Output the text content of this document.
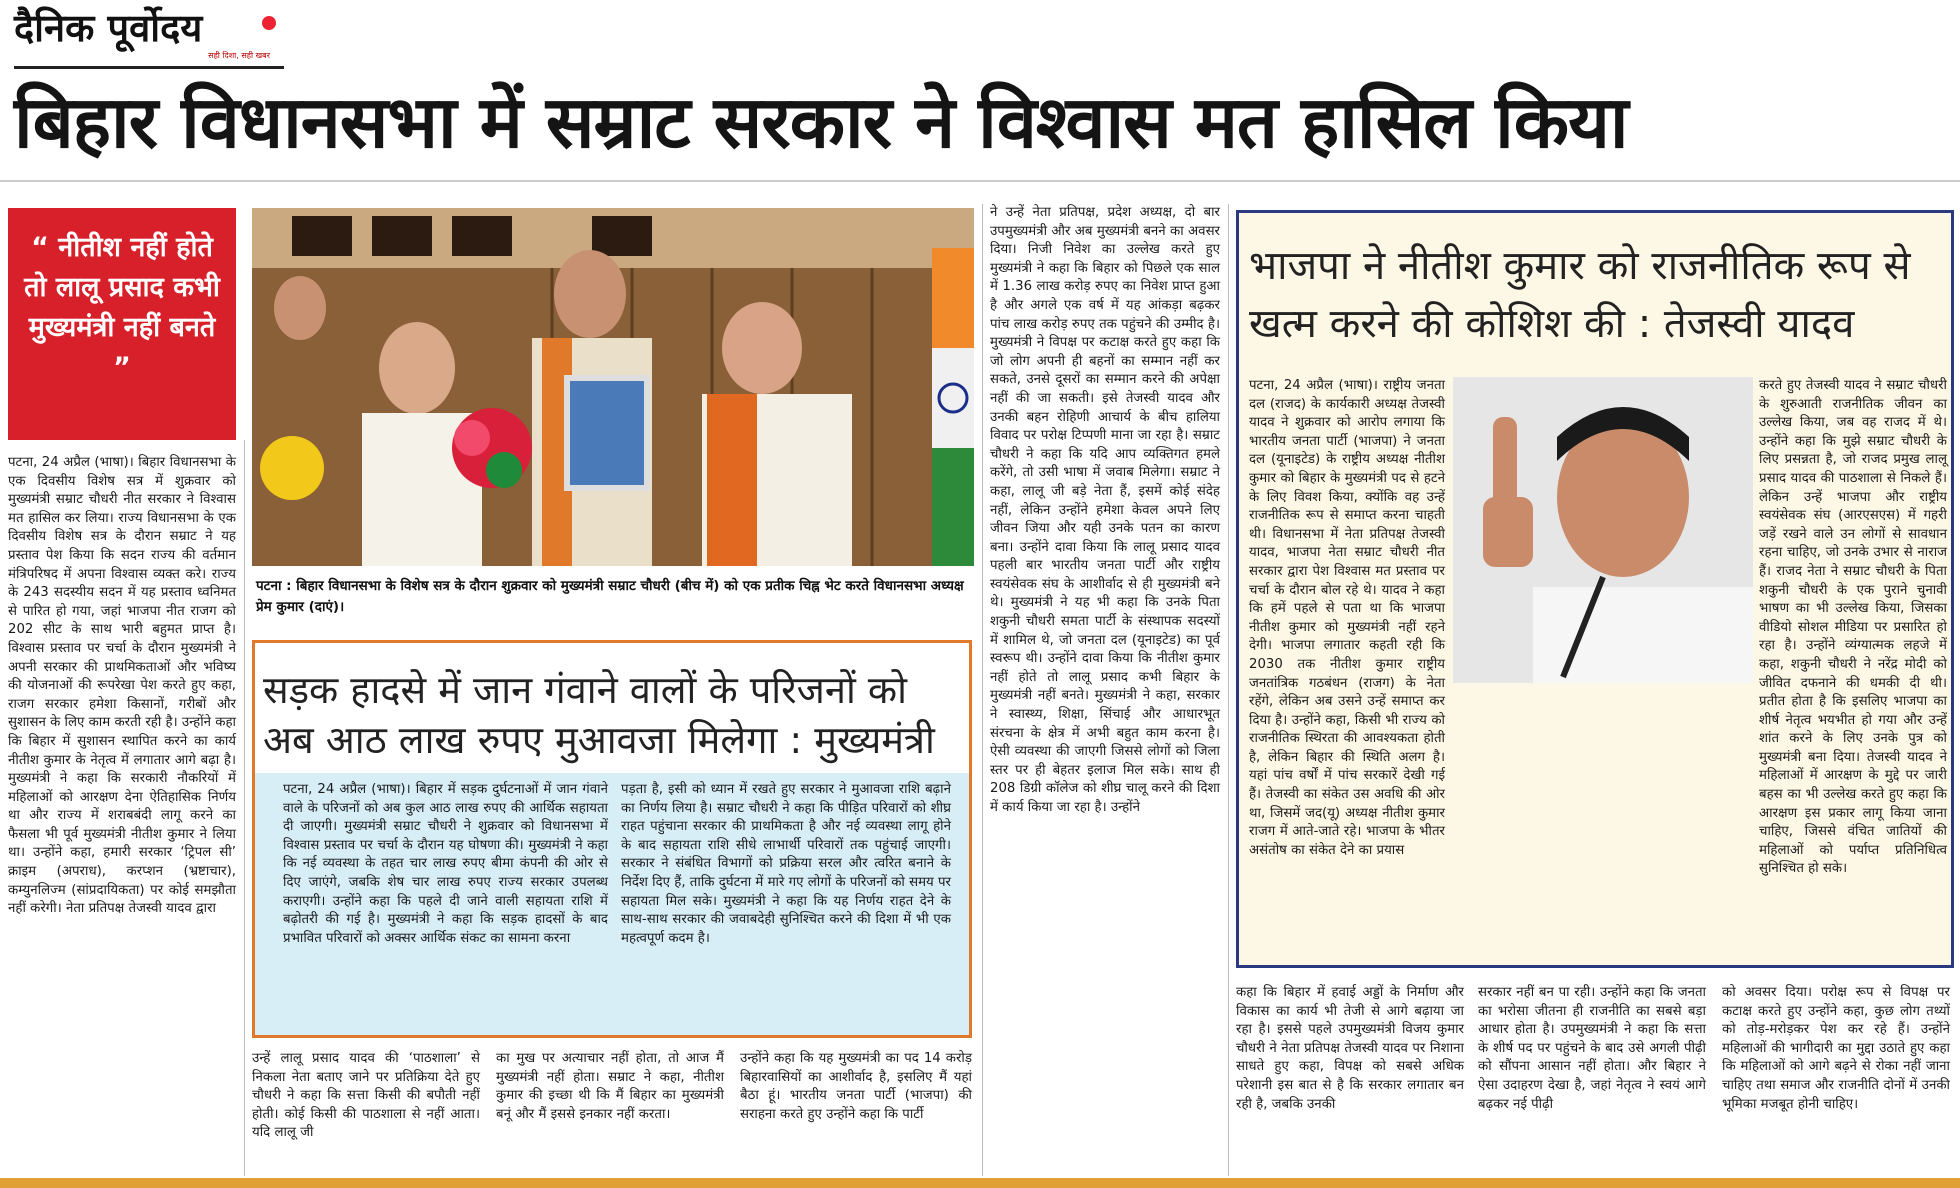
दैनिक पूर्वोदय
सही दिशा, सही खबर
बिहार विधानसभा में सम्राट सरकार ने विश्वास मत हासिल किया
“ नीतीश नहीं होते तो लालू प्रसाद कभी मुख्यमंत्री नहीं बनते ”
पटना, 24 अप्रैल (भाषा)। बिहार विधानसभा के एक दिवसीय विशेष सत्र में शुक्रवार को मुख्यमंत्री सम्राट चौधरी नीत सरकार ने विश्वास मत हासिल कर लिया। राज्य विधानसभा के एक दिवसीय विशेष सत्र के दौरान सम्राट ने यह प्रस्ताव पेश किया कि सदन राज्य की वर्तमान मंत्रिपरिषद में अपना विश्वास व्यक्त करे। राज्य के 243 सदस्यीय सदन में यह प्रस्ताव ध्वनिमत से पारित हो गया, जहां भाजपा नीत राजग को 202 सीट के साथ भारी बहुमत प्राप्त है। विश्वास प्रस्ताव पर चर्चा के दौरान मुख्यमंत्री ने अपनी सरकार की प्राथमिकताओं और भविष्य की योजनाओं की रूपरेखा पेश करते हुए कहा, राजग सरकार हमेशा किसानों, गरीबों और सुशासन के लिए काम करती रही है। उन्होंने कहा कि बिहार में सुशासन स्थापित करने का कार्य नीतीश कुमार के नेतृत्व में लगातार आगे बढ़ा है। मुख्यमंत्री ने कहा कि सरकारी नौकरियों में महिलाओं को आरक्षण देना ऐतिहासिक निर्णय था और राज्य में शराबबंदी लागू करने का फैसला भी पूर्व मुख्यमंत्री नीतीश कुमार ने लिया था। उन्होंने कहा, हमारी सरकार ‘ट्रिपल सी’ क्राइम (अपराध), करप्शन (भ्रष्टाचार), कम्युनलिज्म (सांप्रदायिकता) पर कोई समझौता नहीं करेगी। नेता प्रतिपक्ष तेजस्वी यादव द्वारा
पटना : बिहार विधानसभा के विशेष सत्र के दौरान शुक्रवार को मुख्यमंत्री सम्राट चौधरी (बीच में) को एक प्रतीक चिह्न भेट करते विधानसभा अध्यक्ष प्रेम कुमार (दाएं)।
सड़क हादसे में जान गंवाने वालों के परिजनों को अब आठ लाख रुपए मुआवजा मिलेगा : मुख्यमंत्री
पटना, 24 अप्रैल (भाषा)। बिहार में सड़क दुर्घटनाओं में जान गंवाने वाले के परिजनों को अब कुल आठ लाख रुपए की आर्थिक सहायता दी जाएगी। मुख्यमंत्री सम्राट चौधरी ने शुक्रवार को विधानसभा में विश्वास प्रस्ताव पर चर्चा के दौरान यह घोषणा की। मुख्यमंत्री ने कहा कि नई व्यवस्था के तहत चार लाख रुपए बीमा कंपनी की ओर से दिए जाएंगे, जबकि शेष चार लाख रुपए राज्य सरकार उपलब्ध कराएगी। उन्होंने कहा कि पहले दी जाने वाली सहायता राशि में बढ़ोतरी की गई है। मुख्यमंत्री ने कहा कि सड़क हादसों के बाद प्रभावित परिवारों को अक्सर आर्थिक संकट का सामना करना
पड़ता है, इसी को ध्यान में रखते हुए सरकार ने मुआवजा राशि बढ़ाने का निर्णय लिया है। सम्राट चौधरी ने कहा कि पीड़ित परिवारों को शीघ्र राहत पहुंचाना सरकार की प्राथमिकता है और नई व्यवस्था लागू होने के बाद सहायता राशि सीधे लाभार्थी परिवारों तक पहुंचाई जाएगी। सरकार ने संबंधित विभागों को प्रक्रिया सरल और त्वरित बनाने के निर्देश दिए हैं, ताकि दुर्घटना में मारे गए लोगों के परिजनों को समय पर सहायता मिल सके। मुख्यमंत्री ने कहा कि यह निर्णय राहत देने के साथ-साथ सरकार की जवाबदेही सुनिश्चित करने की दिशा में भी एक महत्वपूर्ण कदम है।
ने उन्हें नेता प्रतिपक्ष, प्रदेश अध्यक्ष, दो बार उपमुख्यमंत्री और अब मुख्यमंत्री बनने का अवसर दिया। निजी निवेश का उल्लेख करते हुए मुख्यमंत्री ने कहा कि बिहार को पिछले एक साल में 1.36 लाख करोड़ रुपए का निवेश प्राप्त हुआ है और अगले एक वर्ष में यह आंकड़ा बढ़कर पांच लाख करोड़ रुपए तक पहुंचने की उम्मीद है। मुख्यमंत्री ने विपक्ष पर कटाक्ष करते हुए कहा कि जो लोग अपनी ही बहनों का सम्मान नहीं कर सकते, उनसे दूसरों का सम्मान करने की अपेक्षा नहीं की जा सकती। इसे तेजस्वी यादव और उनकी बहन रोहिणी आचार्य के बीच हालिया विवाद पर परोक्ष टिप्पणी माना जा रहा है। सम्राट चौधरी ने कहा कि यदि आप व्यक्तिगत हमले करेंगे, तो उसी भाषा में जवाब मिलेगा। सम्राट ने कहा, लालू जी बड़े नेता हैं, इसमें कोई संदेह नहीं, लेकिन उन्होंने हमेशा केवल अपने लिए जीवन जिया और यही उनके पतन का कारण बना। उन्होंने दावा किया कि लालू प्रसाद यादव पहली बार भारतीय जनता पार्टी और राष्ट्रीय स्वयंसेवक संघ के आशीर्वाद से ही मुख्यमंत्री बने थे। मुख्यमंत्री ने यह भी कहा कि उनके पिता शकुनी चौधरी समता पार्टी के संस्थापक सदस्यों में शामिल थे, जो जनता दल (यूनाइटेड) का पूर्व स्वरूप थी। उन्होंने दावा किया कि नीतीश कुमार नहीं होते तो लालू प्रसाद कभी बिहार के मुख्यमंत्री नहीं बनते। मुख्यमंत्री ने कहा, सरकार ने स्वास्थ्य, शिक्षा, सिंचाई और आधारभूत संरचना के क्षेत्र में अभी बहुत काम करना है। ऐसी व्यवस्था की जाएगी जिससे लोगों को जिला स्तर पर ही बेहतर इलाज मिल सके। साथ ही 208 डिग्री कॉलेज को शीघ्र चालू करने की दिशा में कार्य किया जा रहा है। उन्होंने
भाजपा ने नीतीश कुमार को राजनीतिक रूप से खत्म करने की कोशिश की : तेजस्वी यादव
पटना, 24 अप्रैल (भाषा)। राष्ट्रीय जनता दल (राजद) के कार्यकारी अध्यक्ष तेजस्वी यादव ने शुक्रवार को आरोप लगाया कि भारतीय जनता पार्टी (भाजपा) ने जनता दल (यूनाइटेड) के राष्ट्रीय अध्यक्ष नीतीश कुमार को बिहार के मुख्यमंत्री पद से हटने के लिए विवश किया, क्योंकि वह उन्हें राजनीतिक रूप से समाप्त करना चाहती थी। विधानसभा में नेता प्रतिपक्ष तेजस्वी यादव, भाजपा नेता सम्राट चौधरी नीत सरकार द्वारा पेश विश्वास मत प्रस्ताव पर चर्चा के दौरान बोल रहे थे। यादव ने कहा कि हमें पहले से पता था कि भाजपा नीतीश कुमार को मुख्यमंत्री नहीं रहने देगी। भाजपा लगातार कहती रही कि 2030 तक नीतीश कुमार राष्ट्रीय जनतांत्रिक गठबंधन (राजग) के नेता रहेंगे, लेकिन अब उसने उन्हें समाप्त कर दिया है। उन्होंने कहा, किसी भी राज्य को राजनीतिक स्थिरता की आवश्यकता होती है, लेकिन बिहार की स्थिति अलग है। यहां पांच वर्षों में पांच सरकारें देखी गई हैं। तेजस्वी का संकेत उस अवधि की ओर था, जिसमें जद(यू) अध्यक्ष नीतीश कुमार राजग में आते-जाते रहे। भाजपा के भीतर असंतोष का संकेत देने का प्रयास
करते हुए तेजस्वी यादव ने सम्राट चौधरी के शुरुआती राजनीतिक जीवन का उल्लेख किया, जब वह राजद में थे। उन्होंने कहा कि मुझे सम्राट चौधरी के लिए प्रसन्नता है, जो राजद प्रमुख लालू प्रसाद यादव की पाठशाला से निकले हैं। लेकिन उन्हें भाजपा और राष्ट्रीय स्वयंसेवक संघ (आरएसएस) में गहरी जड़ें रखने वाले उन लोगों से सावधान रहना चाहिए, जो उनके उभार से नाराज हैं। राजद नेता ने सम्राट चौधरी के पिता शकुनी चौधरी के एक पुराने चुनावी भाषण का भी उल्लेख किया, जिसका वीडियो सोशल मीडिया पर प्रसारित हो रहा है। उन्होंने व्यंग्यात्मक लहजे में कहा, शकुनी चौधरी ने नरेंद्र मोदी को जीवित दफनाने की धमकी दी थी। प्रतीत होता है कि इसलिए भाजपा का शीर्ष नेतृत्व भयभीत हो गया और उन्हें शांत करने के लिए उनके पुत्र को मुख्यमंत्री बना दिया। तेजस्वी यादव ने महिलाओं में आरक्षण के मुद्दे पर जारी बहस का भी उल्लेख करते हुए कहा कि आरक्षण इस प्रकार लागू किया जाना चाहिए, जिससे वंचित जातियों की महिलाओं को पर्याप्त प्रतिनिधित्व सुनिश्चित हो सके।
उन्हें लालू प्रसाद यादव की ‘पाठशाला’ से निकला नेता बताए जाने पर प्रतिक्रिया देते हुए चौधरी ने कहा कि सत्ता किसी की बपौती नहीं होती। कोई किसी की पाठशाला से नहीं आता। यदि लालू जी
का मुख पर अत्याचार नहीं होता, तो आज मैं मुख्यमंत्री नहीं होता। सम्राट ने कहा, नीतीश कुमार की इच्छा थी कि मैं बिहार का मुख्यमंत्री बनूं और मैं इससे इनकार नहीं करता।
उन्होंने कहा कि यह मुख्यमंत्री का पद 14 करोड़ बिहारवासियों का आशीर्वाद है, इसलिए मैं यहां बैठा हूं। भारतीय जनता पार्टी (भाजपा) की सराहना करते हुए उन्होंने कहा कि पार्टी
कहा कि बिहार में हवाई अड्डों के निर्माण और विकास का कार्य भी तेजी से आगे बढ़ाया जा रहा है। इससे पहले उपमुख्यमंत्री विजय कुमार चौधरी ने नेता प्रतिपक्ष तेजस्वी यादव पर निशाना साधते हुए कहा, विपक्ष को सबसे अधिक परेशानी इस बात से है कि सरकार लगातार बन रही है, जबकि उनकी
सरकार नहीं बन पा रही। उन्होंने कहा कि जनता का भरोसा जीतना ही राजनीति का सबसे बड़ा आधार होता है। उपमुख्यमंत्री ने कहा कि सत्ता के शीर्ष पद पर पहुंचने के बाद उसे अगली पीढ़ी को सौंपना आसान नहीं होता। और बिहार ने ऐसा उदाहरण देखा है, जहां नेतृत्व ने स्वयं आगे बढ़कर नई पीढ़ी
को अवसर दिया। परोक्ष रूप से विपक्ष पर कटाक्ष करते हुए उन्होंने कहा, कुछ लोग तथ्यों को तोड़-मरोड़कर पेश कर रहे हैं। उन्होंने महिलाओं की भागीदारी का मुद्दा उठाते हुए कहा कि महिलाओं को आगे बढ़ने से रोका नहीं जाना चाहिए तथा समाज और राजनीति दोनों में उनकी भूमिका मजबूत होनी चाहिए।
